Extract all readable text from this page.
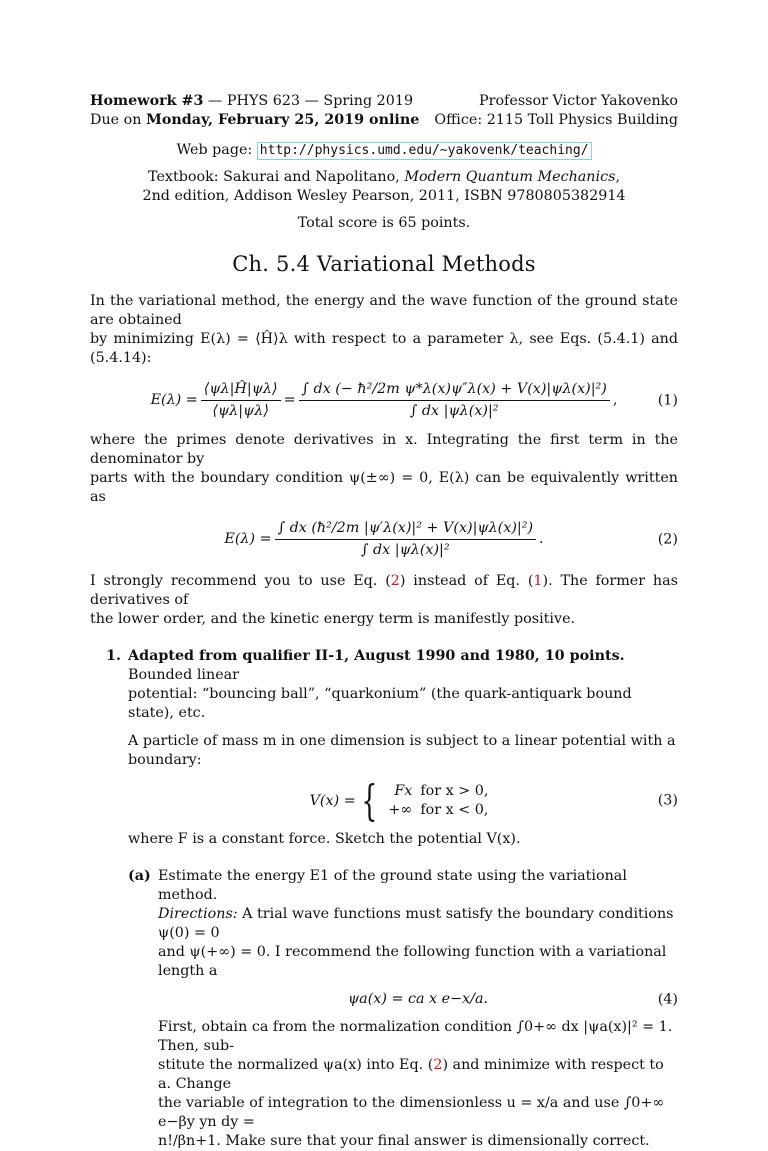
Homework #3 — PHYS 623 — Spring 2019
Due on Monday, February 25, 2019 online
Professor Victor Yakovenko
Office: 2115 Toll Physics Building
Web page: http://physics.umd.edu/~yakovenk/teaching/
Textbook: Sakurai and Napolitano, Modern Quantum Mechanics,
2nd edition, Addison Wesley Pearson, 2011, ISBN 9780805382914
Total score is 65 points.
Ch. 5.4 Variational Methods

In the variational method, the energy and the wave function of the ground state are obtained
by minimizing E(λ) = ⟨Ĥ⟩λ with respect to a parameter λ, see Eqs. (5.4.1) and (5.4.14):

$E(\lambda) = \frac{⟨\psi\lambda|Ĥ|\psi\lambda⟩}{⟨\psi\lambda|\psi\lambda⟩} = \frac{\text{∫ dx (− ħ²/2m ψ*λ(x)ψ″λ(x) + V(x)|ψλ(x)|²)}}{\text{∫ dx |ψλ(x)|²}}$ ,	(1)

where the primes denote derivatives in x. Integrating the first term in the denominator by
parts with the boundary condition ψ(±∞) = 0, E(λ) can be equivalently written as

$E(\lambda) = \frac{\text{∫ dx (ħ²/2m |ψ′λ(x)|² + V(x)|ψλ(x)|²)}}{\text{∫ dx |ψλ(x)|²}}$ .	(2)

I strongly recommend you to use Eq. (2) instead of Eq. (1). The former has derivatives of
the lower order, and the kinetic energy term is manifestly positive.

1. Adapted from qualifier II-1, August 1990 and 1980, 10 points. Bounded linear
potential: “bouncing ball”, “quarkonium” (the quark-antiquark bound state), etc.
A particle of mass m in one dimension is subject to a linear potential with a boundary:
V(x) = { Fx	for x > 0,
+∞	for x < 0,
(3)
where F is a constant force. Sketch the potential V(x).
(a) Estimate the energy E1 of the ground state using the variational method.
Directions: A trial wave functions must satisfy the boundary conditions ψ(0) = 0
and ψ(+∞) = 0. I recommend the following function with a variational length a
ψa(x) = ca x e−x/a.	(4)
First, obtain ca from the normalization condition ∫0+∞ dx |ψa(x)|² = 1. Then, sub-
stitute the normalized ψa(x) into Eq. (2) and minimize with respect to a. Change
the variable of integration to the dimensionless u = x/a and use ∫0+∞ e−βy yn dy =
n!/βn+1. Make sure that your final answer is dimensionally correct.
